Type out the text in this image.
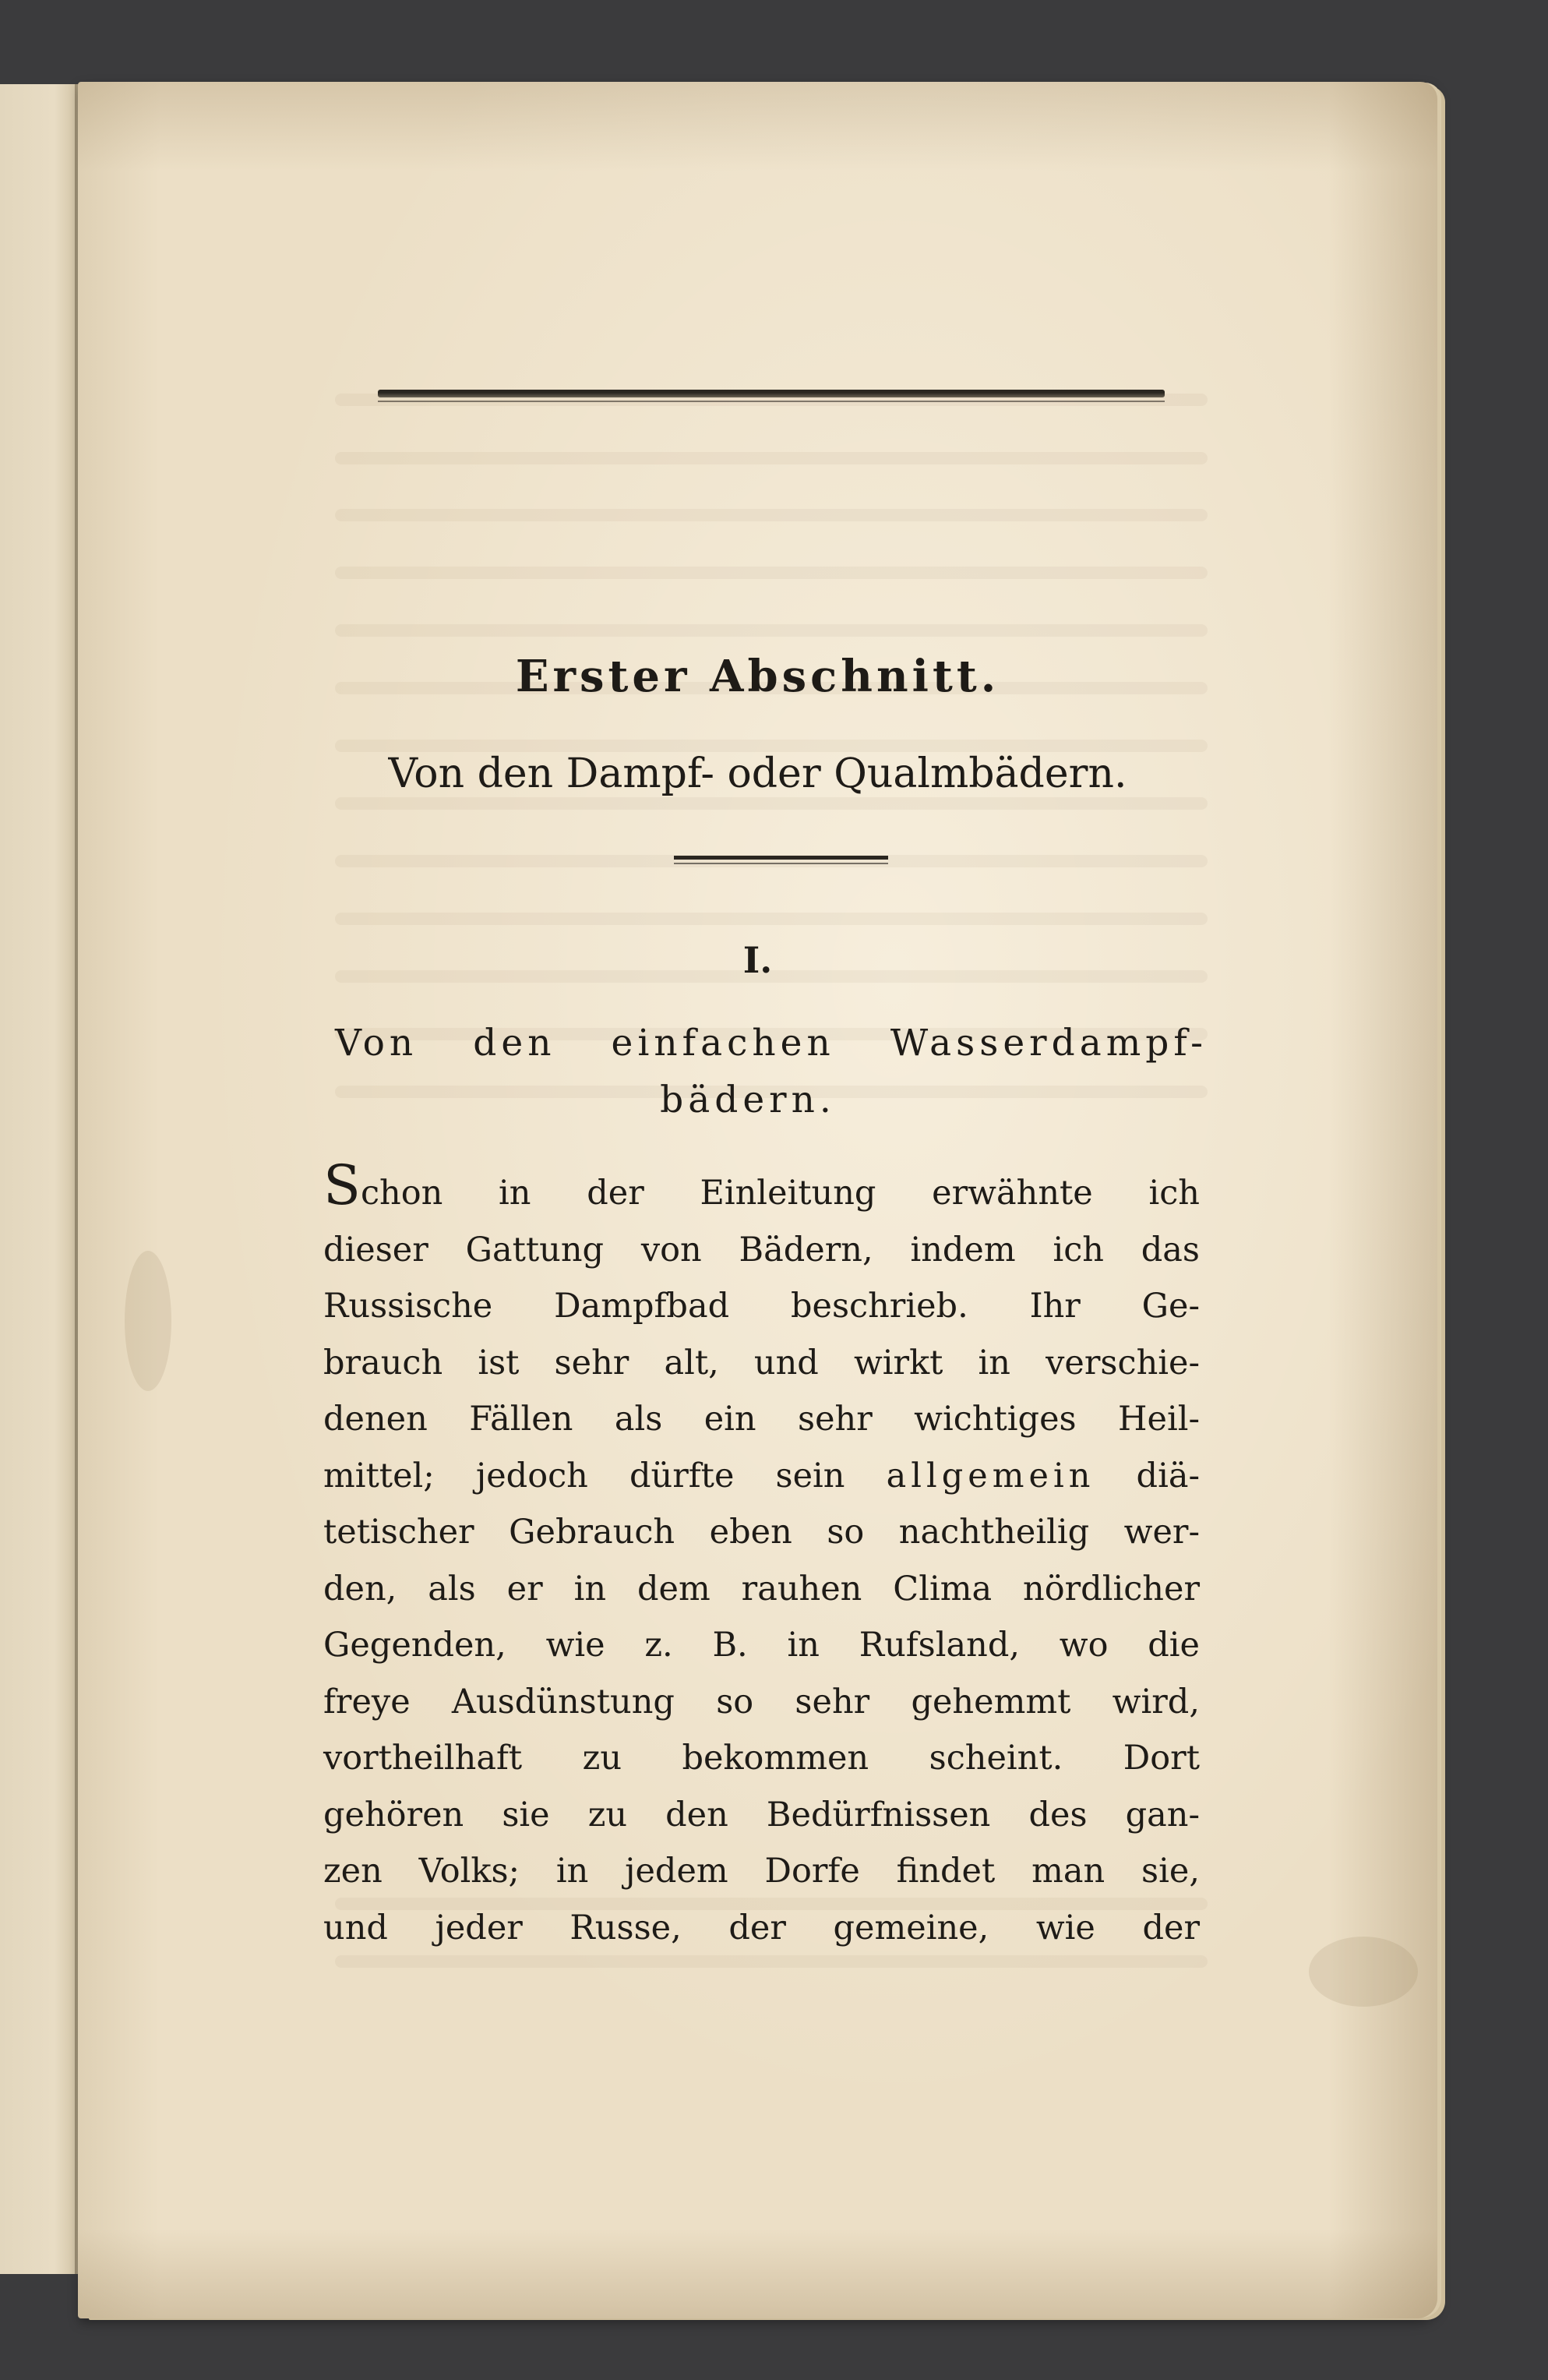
Erster Abschnitt.
Von den Dampf- oder Qualmbädern.
I.
Von den einfachen Wasserdampf-
bädern.
Schon in der Einleitung erwähnte ich
dieser Gattung von Bädern, indem ich das
Russische Dampfbad beschrieb. Ihr Ge-
brauch ist sehr alt, und wirkt in verschie-
denen Fällen als ein sehr wichtiges Heil-
mittel; jedoch dürfte sein allgemein diä-
tetischer Gebrauch eben so nachtheilig wer-
den, als er in dem rauhen Clima nördlicher
Gegenden, wie z. B. in Rufsland, wo die
freye Ausdünstung so sehr gehemmt wird,
vortheilhaft zu bekommen scheint. Dort
gehören sie zu den Bedürfnissen des gan-
zen Volks; in jedem Dorfe findet man sie,
und jeder Russe, der gemeine, wie der
